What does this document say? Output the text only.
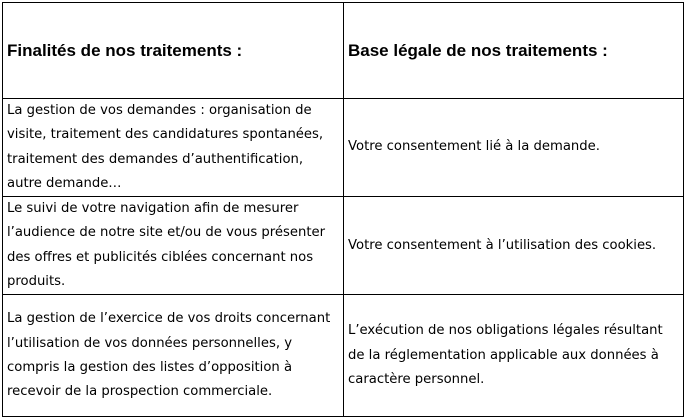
Finalités de nos traitements :	Base légale de nos traitements :

La gestion de vos demandes : organisation de visite, traitement des candidatures spontanées, traitement des demandes d’authentification, autre demande…	Votre consentement lié à la demande.

Le suivi de votre navigation afin de mesurer l’audience de notre site et/ou de vous présenter des offres et publicités ciblées concernant nos produits.	Votre consentement à l’utilisation des cookies.

La gestion de l’exercice de vos droits concernant l’utilisation de vos données personnelles, y compris la gestion des listes d’opposition à recevoir de la prospection commerciale.	L’exécution de nos obligations légales résultant de la réglementation applicable aux données à caractère personnel.
